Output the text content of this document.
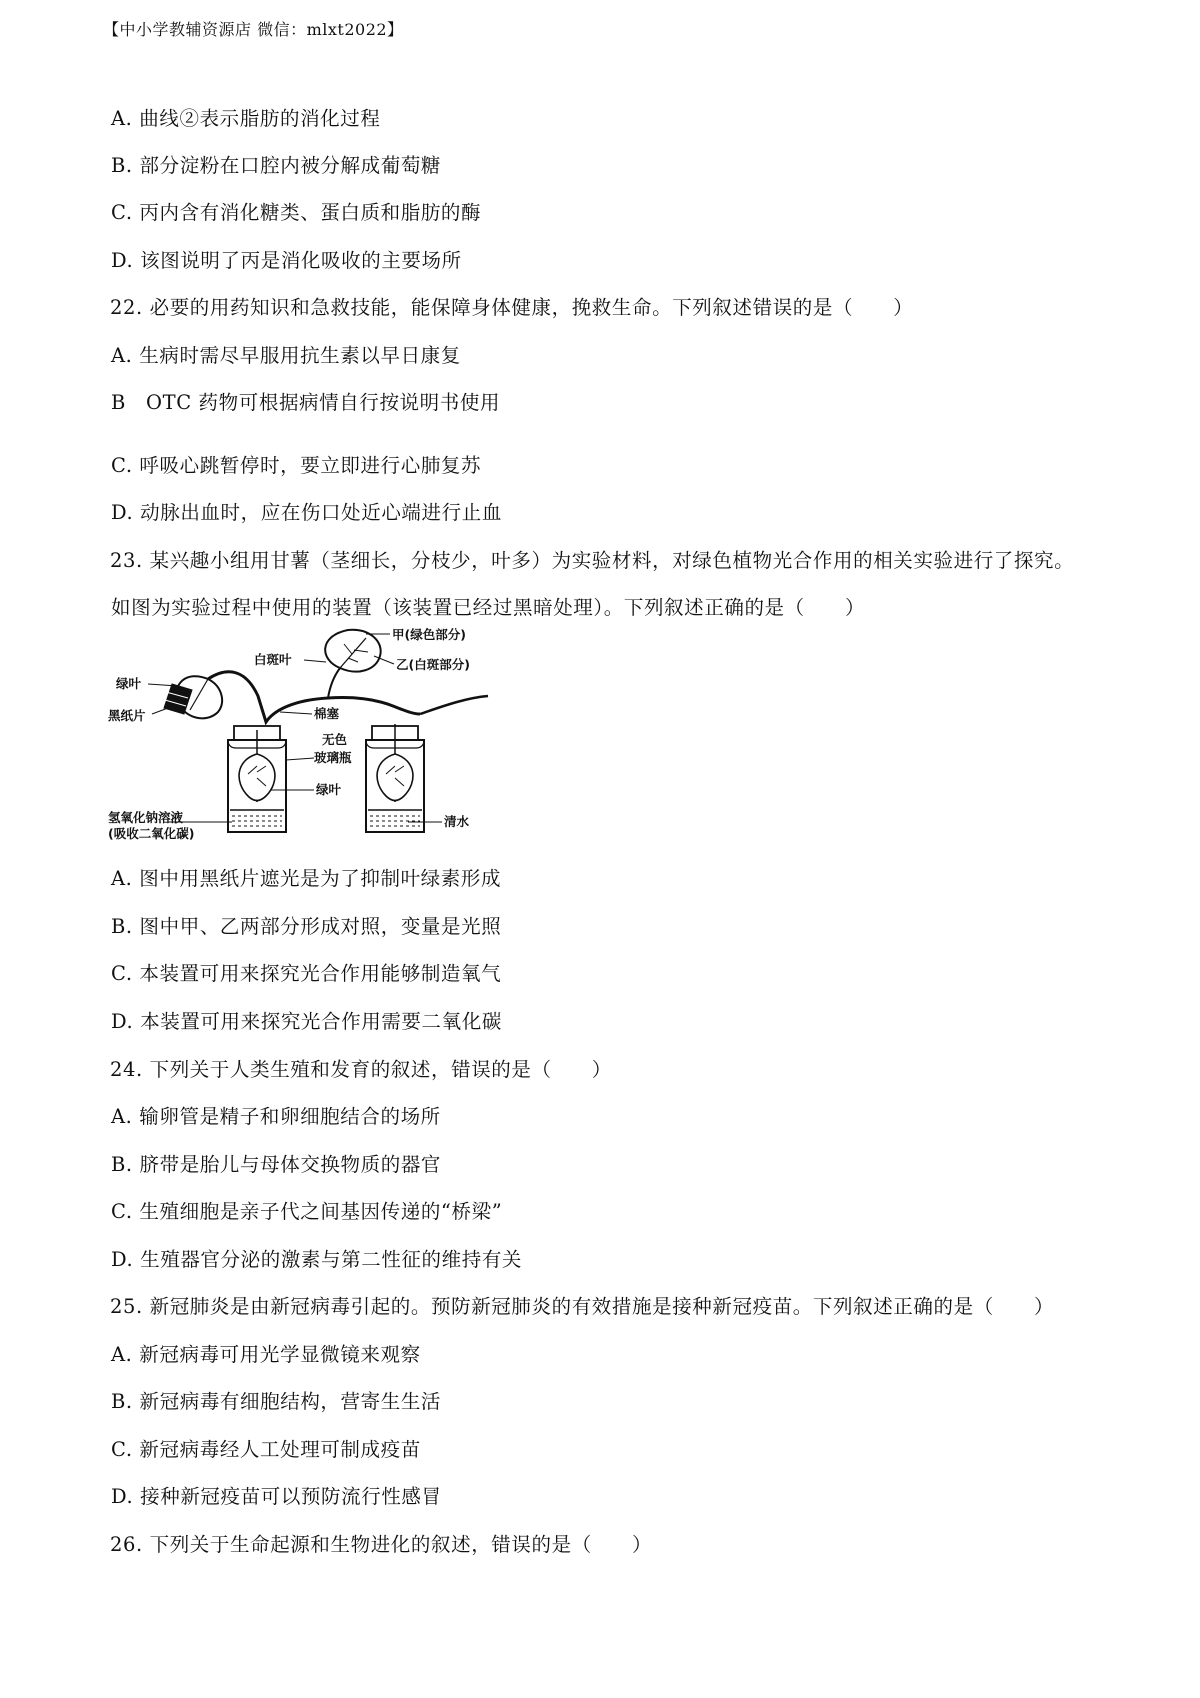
【中小学教辅资源店 微信：mlxt2022】
A. 曲线②表示脂肪的消化过程
B. 部分淀粉在口腔内被分解成葡萄糖
C. 丙内含有消化糖类、蛋白质和脂肪的酶
D. 该图说明了丙是消化吸收的主要场所
22. 必要的用药知识和急救技能，能保障身体健康，挽救生命。下列叙述错误的是（　　）
A. 生病时需尽早服用抗生素以早日康复
B　OTC 药物可根据病情自行按说明书使用
C. 呼吸心跳暂停时，要立即进行心肺复苏
D. 动脉出血时，应在伤口处近心端进行止血
23. 某兴趣小组用甘薯（茎细长，分枝少，叶多）为实验材料，对绿色植物光合作用的相关实验进行了探究。
如图为实验过程中使用的装置（该装置已经过黑暗处理）。下列叙述正确的是（　　）
甲(绿色部分)
白斑叶	乙(白斑部分)
绿叶
黑纸片	棉塞
无色
玻璃瓶
绿叶
氢氧化钠溶液
(吸收二氧化碳)
清水
A. 图中用黑纸片遮光是为了抑制叶绿素形成
B. 图中甲、乙两部分形成对照，变量是光照
C. 本装置可用来探究光合作用能够制造氧气
D. 本装置可用来探究光合作用需要二氧化碳
24. 下列关于人类生殖和发育的叙述，错误的是（　　）
A. 输卵管是精子和卵细胞结合的场所
B. 脐带是胎儿与母体交换物质的器官
C. 生殖细胞是亲子代之间基因传递的“桥梁”
D. 生殖器官分泌的激素与第二性征的维持有关
25. 新冠肺炎是由新冠病毒引起的。预防新冠肺炎的有效措施是接种新冠疫苗。下列叙述正确的是（　　）
A. 新冠病毒可用光学显微镜来观察
B. 新冠病毒有细胞结构，营寄生生活
C. 新冠病毒经人工处理可制成疫苗
D. 接种新冠疫苗可以预防流行性感冒
26. 下列关于生命起源和生物进化的叙述，错误的是（　　）
